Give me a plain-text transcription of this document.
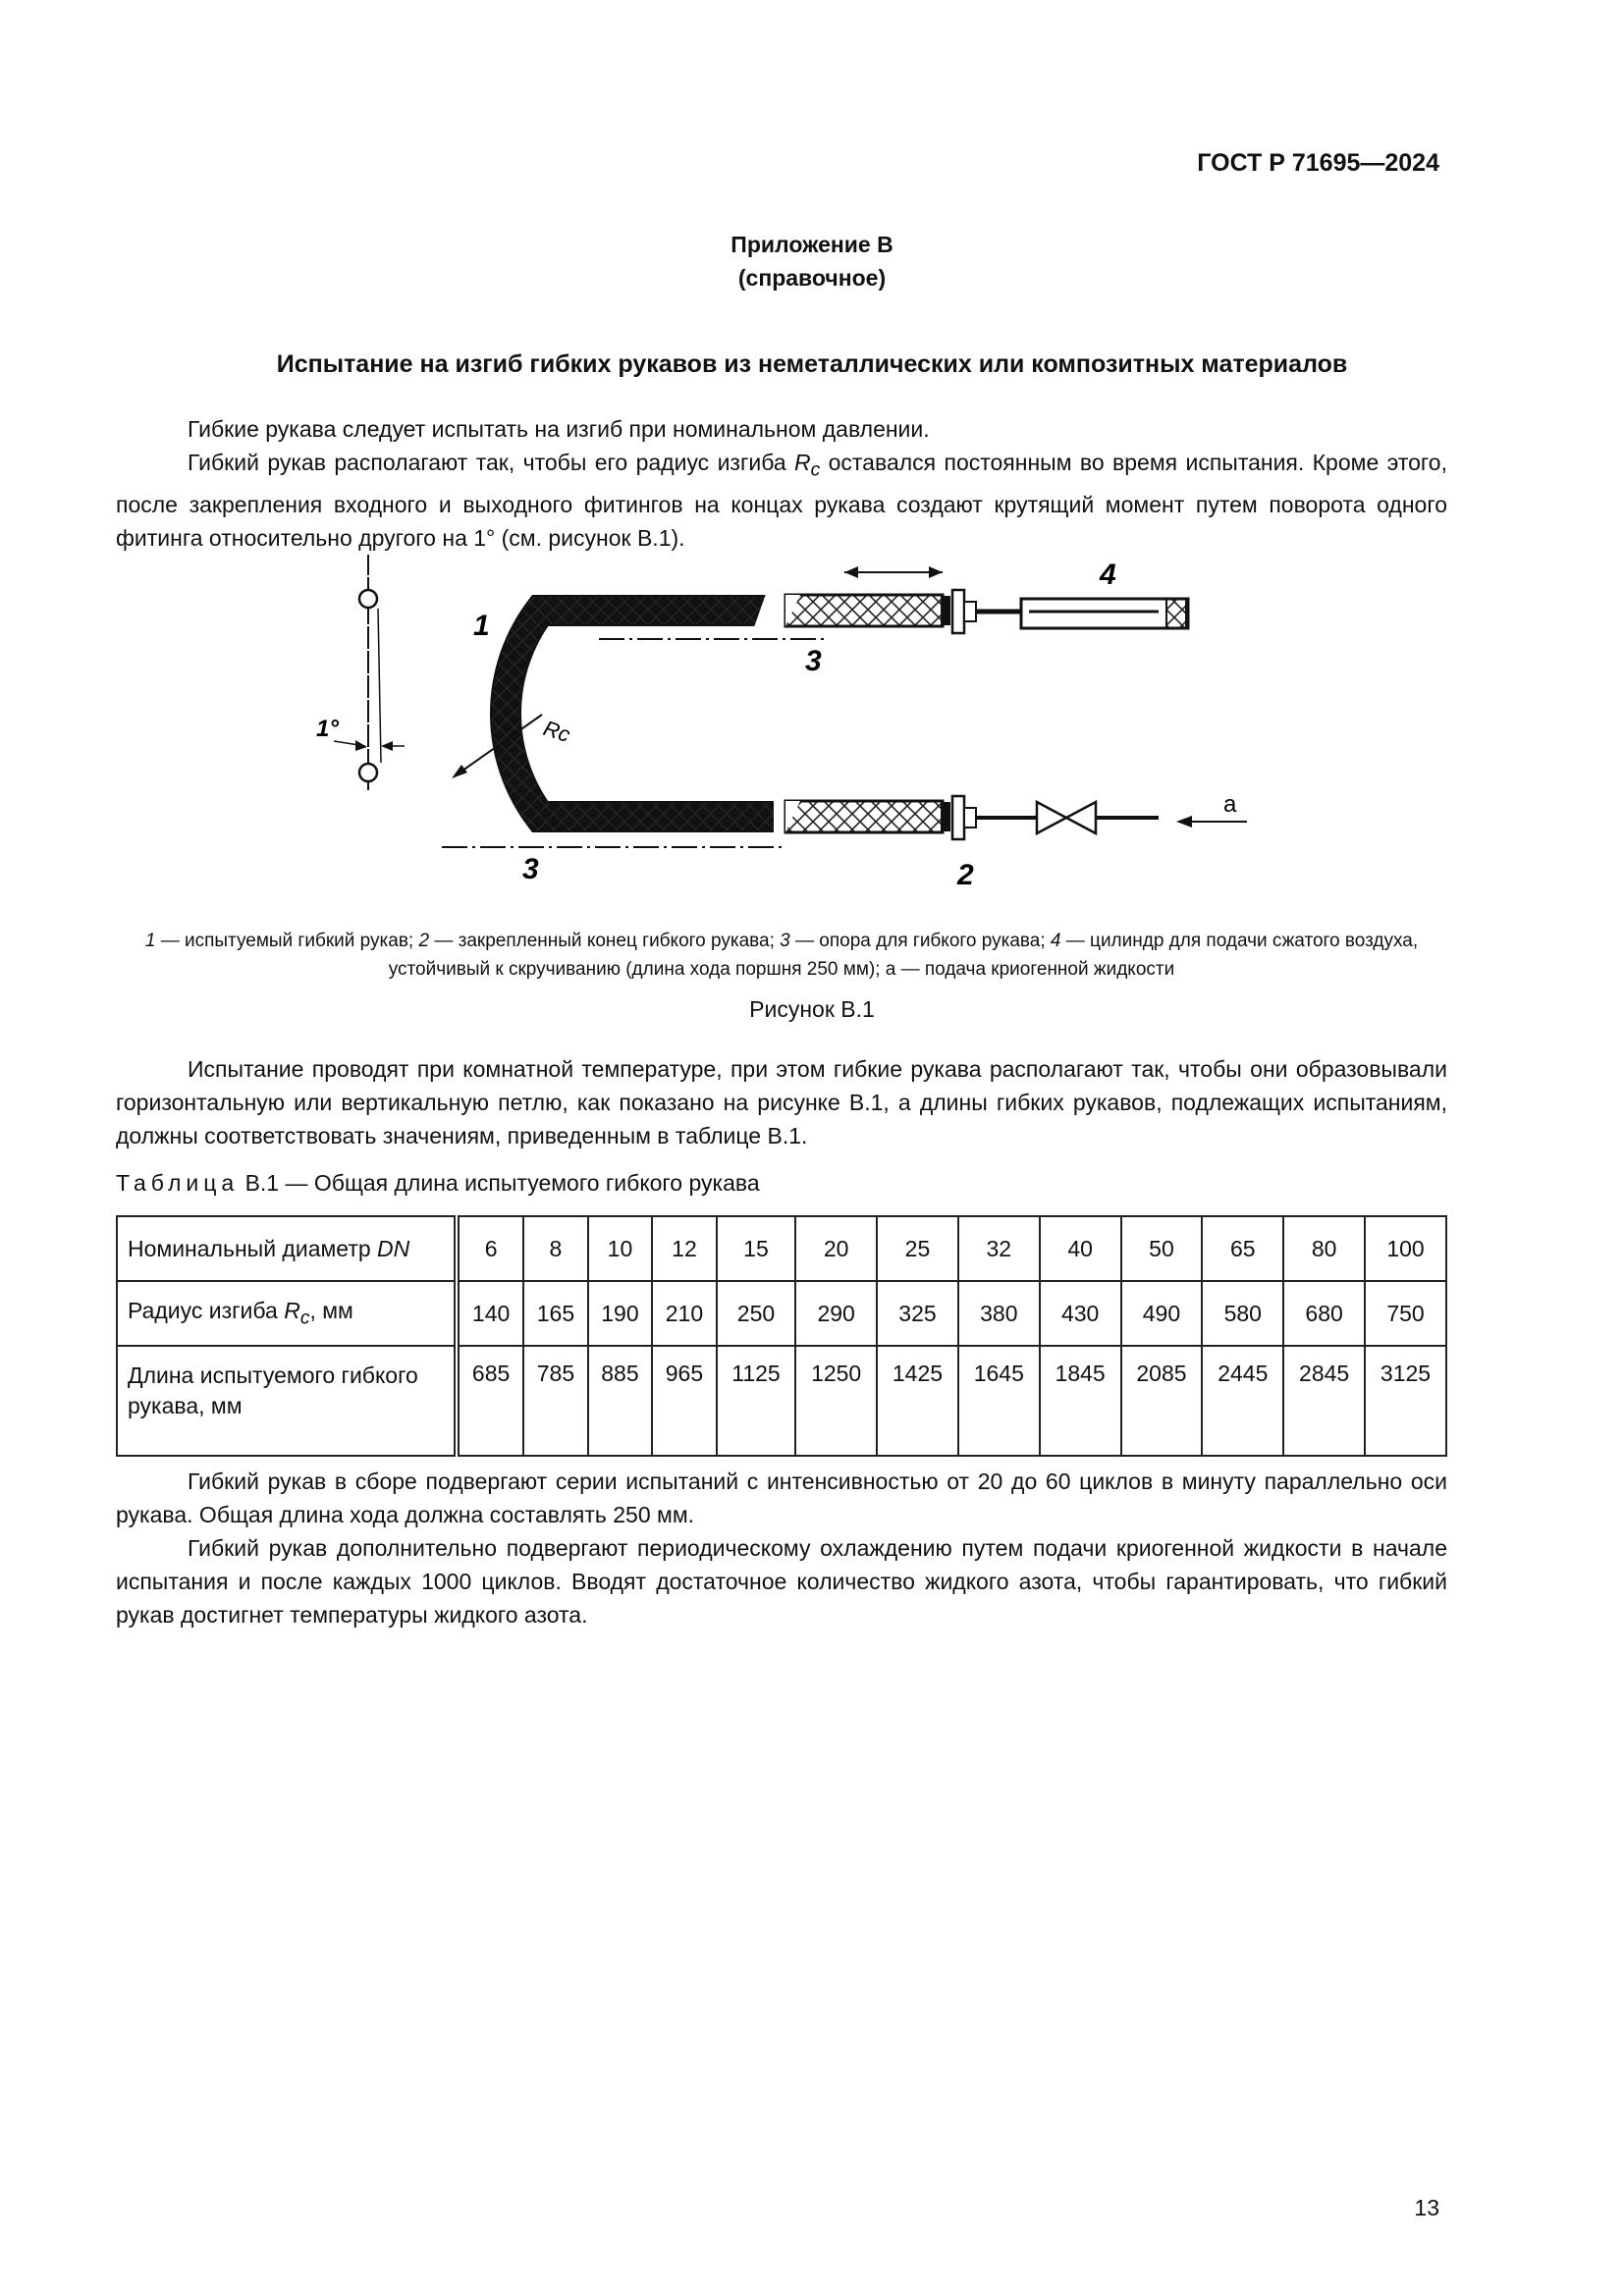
ГОСТ Р 71695—2024
Приложение В
(справочное)
Испытание на изгиб гибких рукавов из неметаллических или композитных материалов

Гибкие рукава следует испытать на изгиб при номинальном давлении.

Гибкий рукав располагают так, чтобы его радиус изгиба $R_c$ оставался постоянным во время испытания. Кроме этого, после закрепления входного и выходного фитингов на концах рукава создают крутящий момент путем поворота одного фитинга относительно другого на 1° (см. рисунок В.1).

1
3
4
3	2
1°	Rc
а
1 — испытуемый гибкий рукав; 2 — закрепленный конец гибкого рукава; 3 — опора для гибкого рукава; 4 — цилиндр для подачи сжатого воздуха, устойчивый к скручиванию (длина хода поршня 250 мм); а — подача криогенной жидкости
Рисунок В.1

Испытание проводят при комнатной температуре, при этом гибкие рукава располагают так, чтобы они образовывали горизонтальную или вертикальную петлю, как показано на рисунке В.1, а длины гибких рукавов, подлежащих испытаниям, должны соответствовать значениям, приведенным в таблице В.1.

Таблица В.1 — Общая длина испытуемого гибкого рукава
Номинальный диаметр DN	6	8	10	12	15	20	25	32	40	50	65	80	100
Радиус изгиба $R_c$, мм	140	165	190	210	250	290	325	380	430	490	580	680	750
Длина испытуемого гибкого рукава, мм	685	785	885	965	1125	1250	1425	1645	1845	2085	2445	2845	3125

Гибкий рукав в сборе подвергают серии испытаний с интенсивностью от 20 до 60 циклов в минуту параллельно оси рукава. Общая длина хода должна составлять 250 мм.

Гибкий рукав дополнительно подвергают периодическому охлаждению путем подачи криогенной жидкости в начале испытания и после каждых 1000 циклов. Вводят достаточное количество жидкого азота, чтобы гарантировать, что гибкий рукав достигнет температуры жидкого азота.

13
